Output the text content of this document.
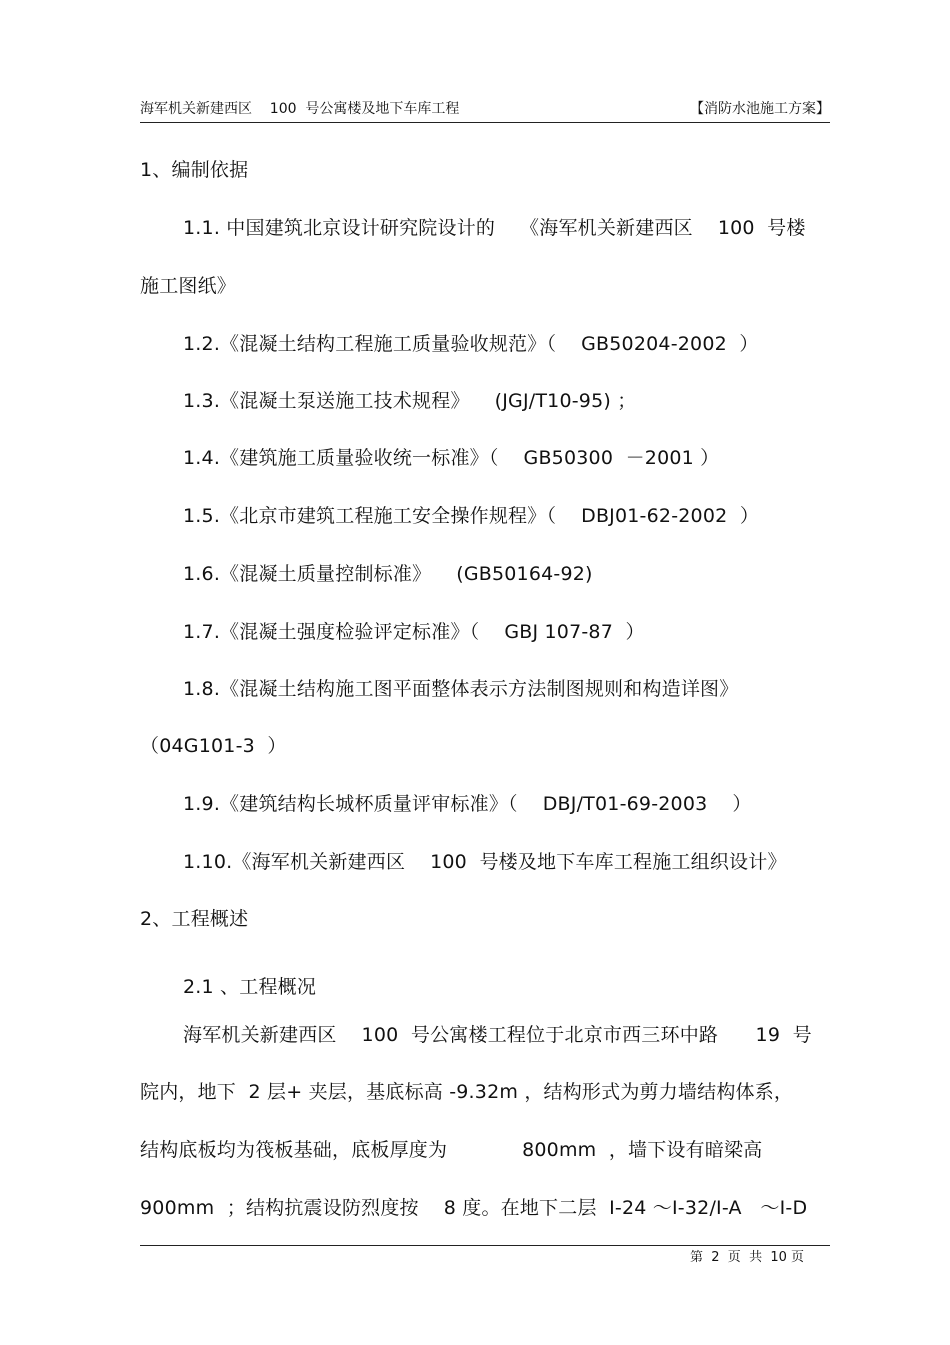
海军机关新建西区    100  号公寓楼及地下车库工程	【消防水池施工方案】
1、编制依据
1.1. 中国建筑北京设计研究院设计的    《海军机关新建西区    100  号楼
施工图纸》
1.2.《混凝土结构工程施工质量验收规范》（    GB50204-2002  ）
1.3.《混凝土泵送施工技术规程》    (JGJ/T10-95) ；
1.4.《建筑施工质量验收统一标准》（    GB50300  －2001 ）
1.5.《北京市建筑工程施工安全操作规程》（    DBJ01-62-2002  ）
1.6.《混凝土质量控制标准》    (GB50164-92)
1.7.《混凝土强度检验评定标准》（    GBJ 107-87  ）
1.8.《混凝土结构施工图平面整体表示方法制图规则和构造详图》
（04G101-3  ）
1.9.《建筑结构长城杯质量评审标准》（    DBJ/T01-69-2003    ）
1.10.《海军机关新建西区    100  号楼及地下车库工程施工组织设计》
2、工程概述
2.1 、工程概况
海军机关新建西区    100  号公寓楼工程位于北京市西三环中路      19  号
院内，地下  2 层+ 夹层，基底标高 -9.32m ，结构形式为剪力墙结构体系，
结构底板均为筏板基础，底板厚度为            800mm  ，墙下设有暗梁高
900mm  ；结构抗震设防烈度按    8 度。在地下二层  I-24 ～I-32/I-A   ～I-D
第  2  页  共  10 页
